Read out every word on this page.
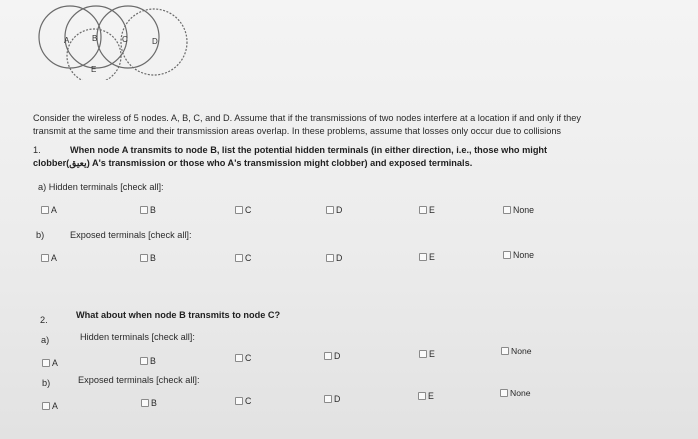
A	B	C	D
E
Consider the wireless of 5 nodes. A, B, C, and D. Assume that if the transmissions of two nodes interfere at a location if and only if they
transmit at the same time and their transmission areas overlap. In these problems, assume that losses only occur due to collisions
1.	When node A transmits to node B, list the potential hidden terminals (in either direction, i.e., those who might
clobber(يعيق) A's transmission or those who A's transmission might clobber) and exposed terminals.
a) Hidden terminals [check all]:
A	B	C	D	E	None
b)	Exposed terminals [check all]:
A	B	C	D	E	None
2.	What about when node B transmits to node C?
a)	Hidden terminals [check all]:
A	B	C	D	E	None
b)	Exposed terminals [check all]:
A	B	C	D	E	None
